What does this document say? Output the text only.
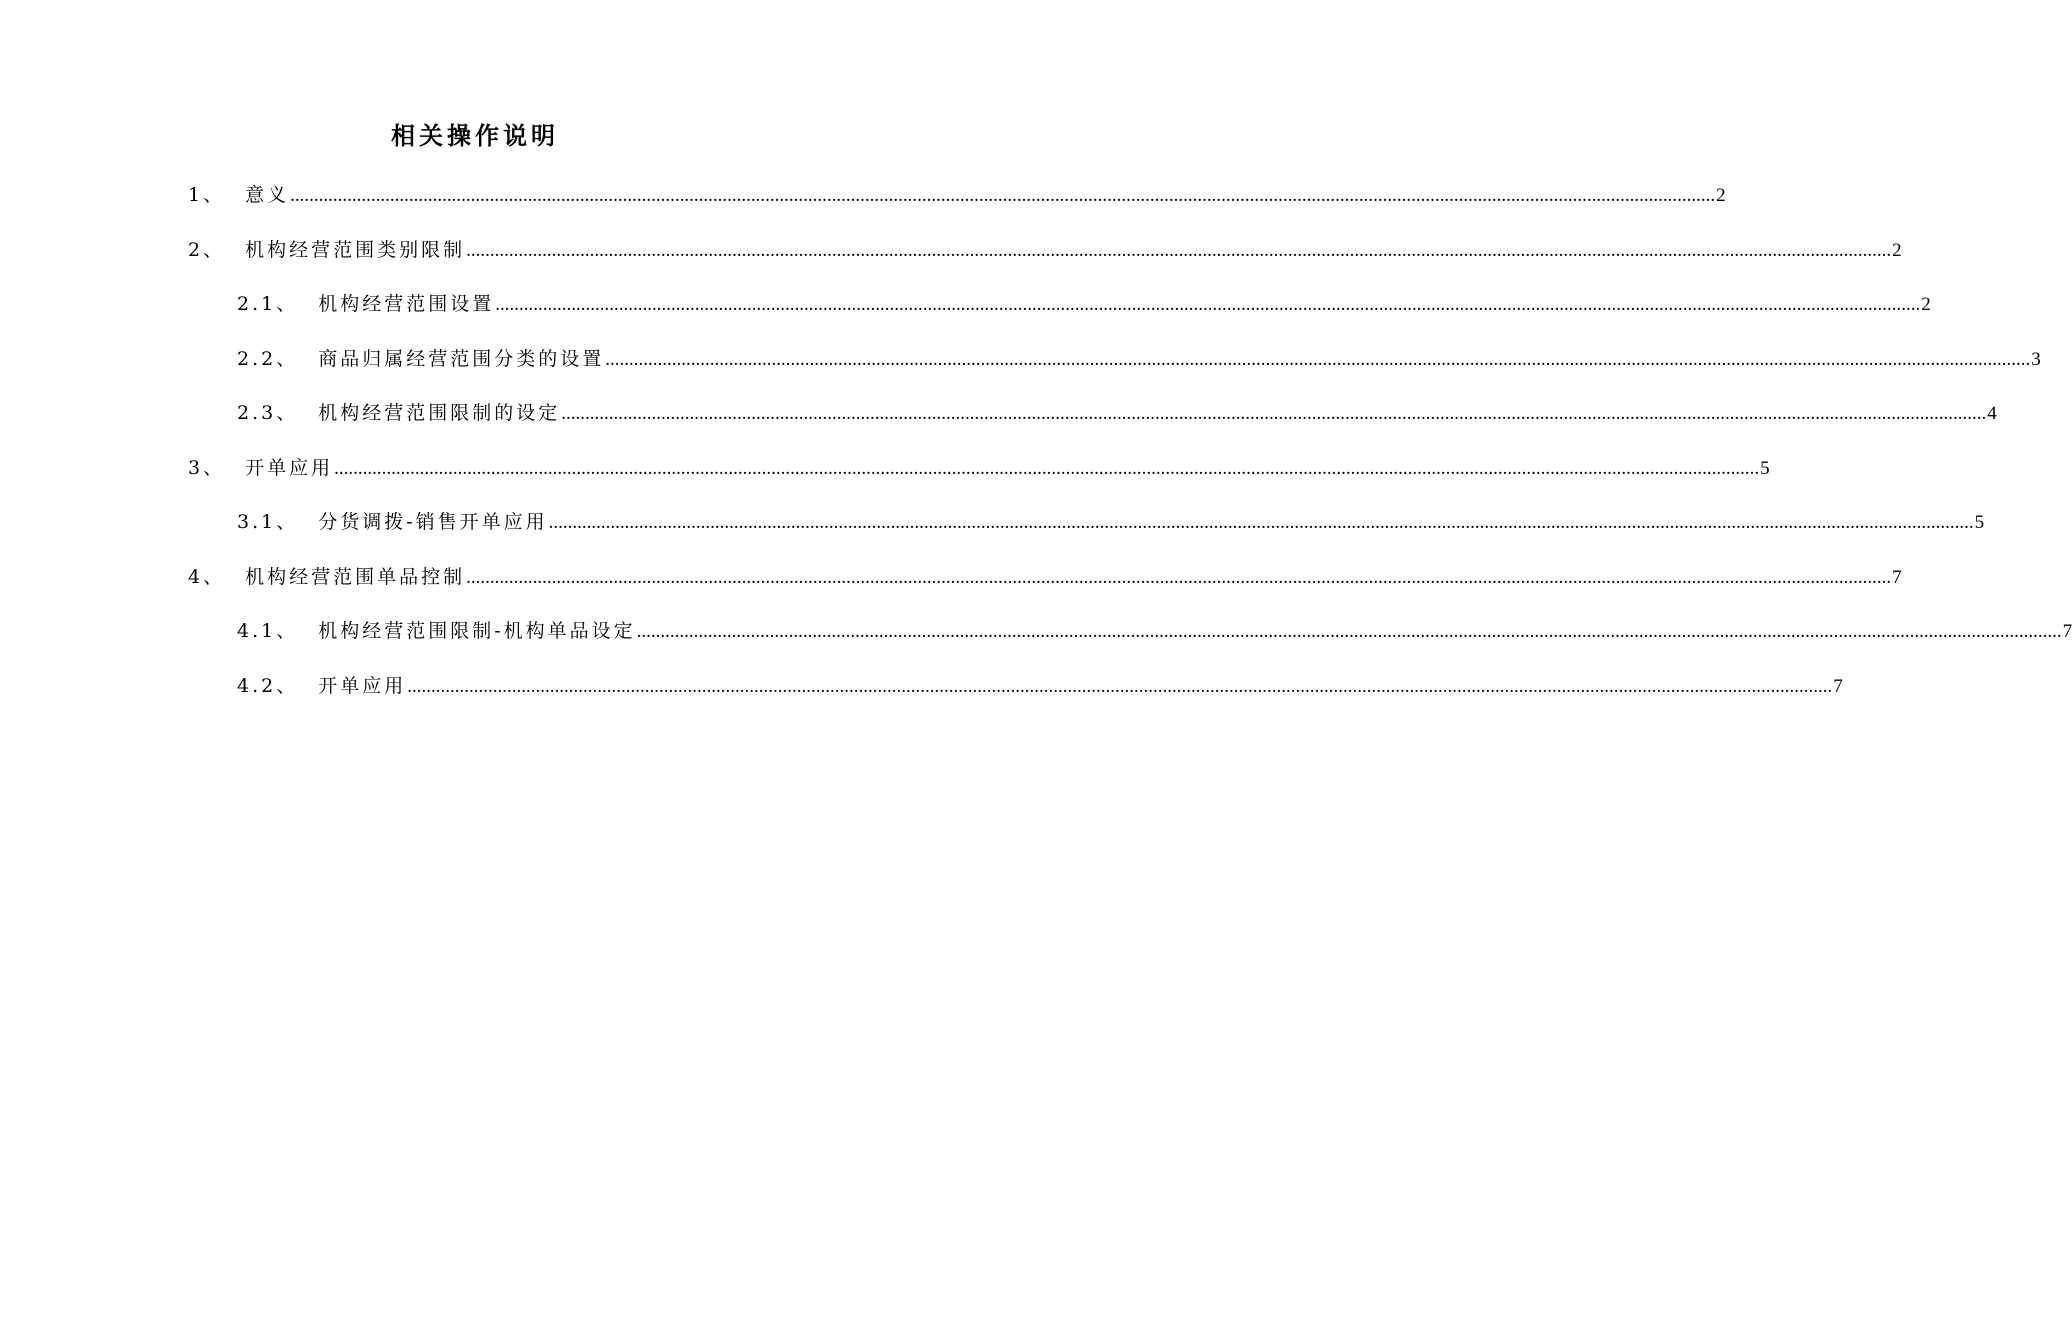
相关操作说明
1、	意义 ............................................................................................................................................................................................................................................................................................................ 2
2、	机构经营范围类别限制 ............................................................................................................................................................................................................................................................................................................ 2
2.1、	机构经营范围设置 ............................................................................................................................................................................................................................................................................................................ 2
2.2、	商品归属经营范围分类的设置 ............................................................................................................................................................................................................................................................................................................ 3
2.3、	机构经营范围限制的设定 ............................................................................................................................................................................................................................................................................................................ 4
3、	开单应用 ............................................................................................................................................................................................................................................................................................................ 5
3.1、	分货调拨-销售开单应用 ............................................................................................................................................................................................................................................................................................................ 5
4、	机构经营范围单品控制 ............................................................................................................................................................................................................................................................................................................ 7
4.1、	机构经营范围限制-机构单品设定 ............................................................................................................................................................................................................................................................................................................ 7
4.2、	开单应用 ............................................................................................................................................................................................................................................................................................................ 7
